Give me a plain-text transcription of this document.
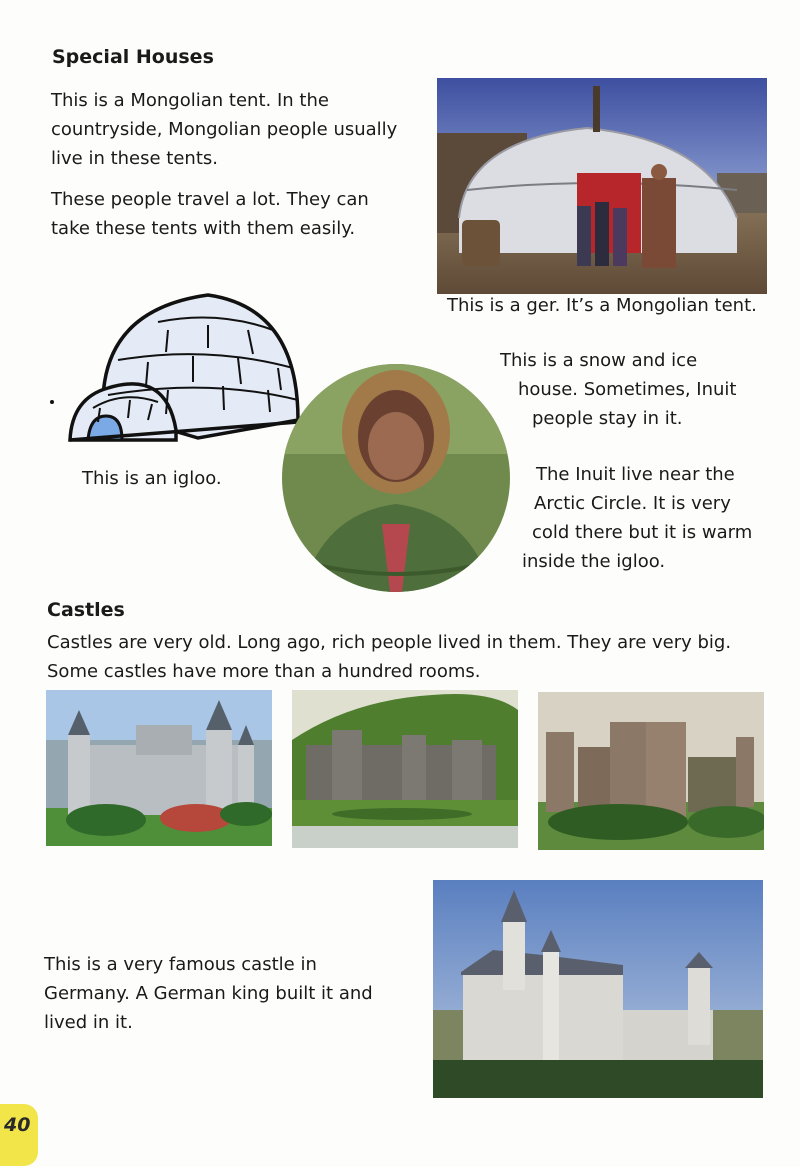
Special Houses

This is a Mongolian tent. In the

countryside, Mongolian people usually

live in these tents.

These people travel a lot. They can

take these tents with them easily.

This is a ger. It’s a Mongolian tent.
This is an igloo.

This is a snow and ice

house. Sometimes, Inuit

people stay in it.

The Inuit live near the

Arctic Circle. It is very

cold there but it is warm

inside the igloo.

Castles

Castles are very old. Long ago, rich people lived in them. They are very big.

Some castles have more than a hundred rooms.

This is a very famous castle in

Germany. A German king built it and

lived in it.

40
